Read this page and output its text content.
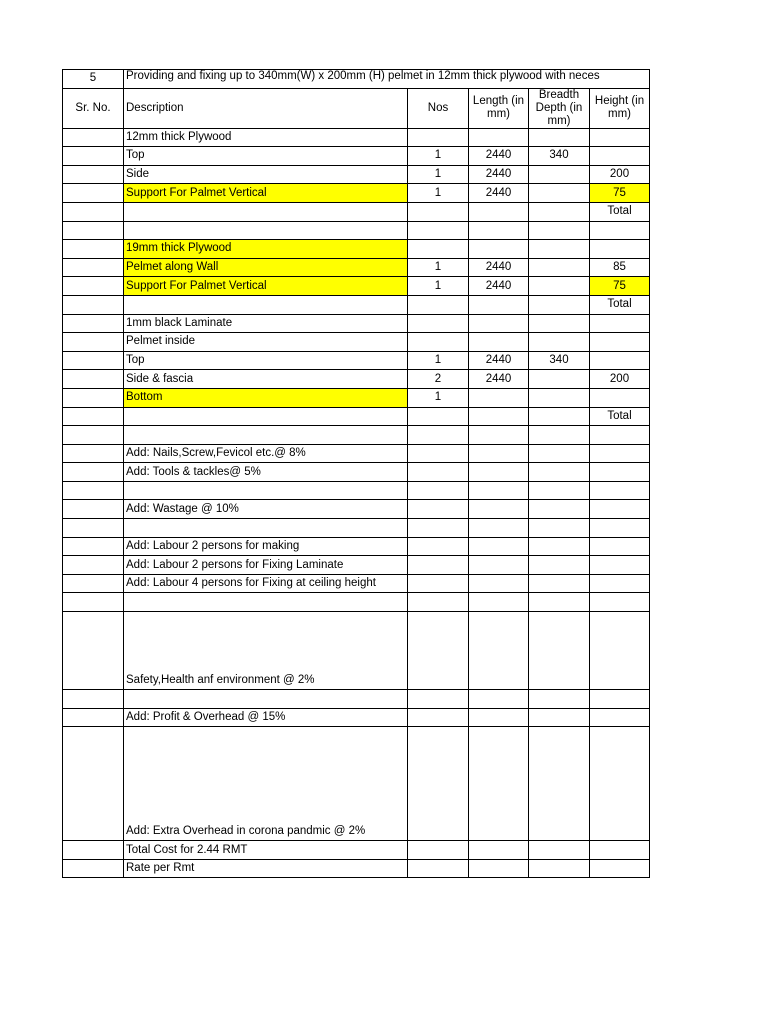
5	Providing and fixing up to 340mm(W) x 200mm (H) pelmet in 12mm thick plywood with neces				
Sr. No.	Description	Nos	Length (in mm)	Breadth Depth (in mm)	Height (in mm)
	12mm thick Plywood				
	Top	1	2440	340	
	Side	1	2440		200
	Support For Palmet Vertical	1	2440		75
					Total

	19mm thick Plywood				
	Pelmet along Wall	1	2440		85
	Support For Palmet Vertical	1	2440		75
					Total
	1mm black Laminate				
	Pelmet inside				
	Top	1	2440	340	
	Side & fascia	2	2440		200
	Bottom	1			
					Total

	Add: Nails,Screw,Fevicol etc.@ 8%				
	Add: Tools & tackles@ 5%				

	Add: Wastage @ 10%				

	Add: Labour 2 persons for making				
	Add: Labour 2 persons for Fixing Laminate				
	Add: Labour 4 persons for Fixing at ceiling height				

	Safety,Health anf environment @ 2%				

	Add: Profit & Overhead @ 15%				
	Add: Extra Overhead in corona pandmic @ 2%				
	Total Cost for 2.44 RMT				
	Rate per Rmt				
